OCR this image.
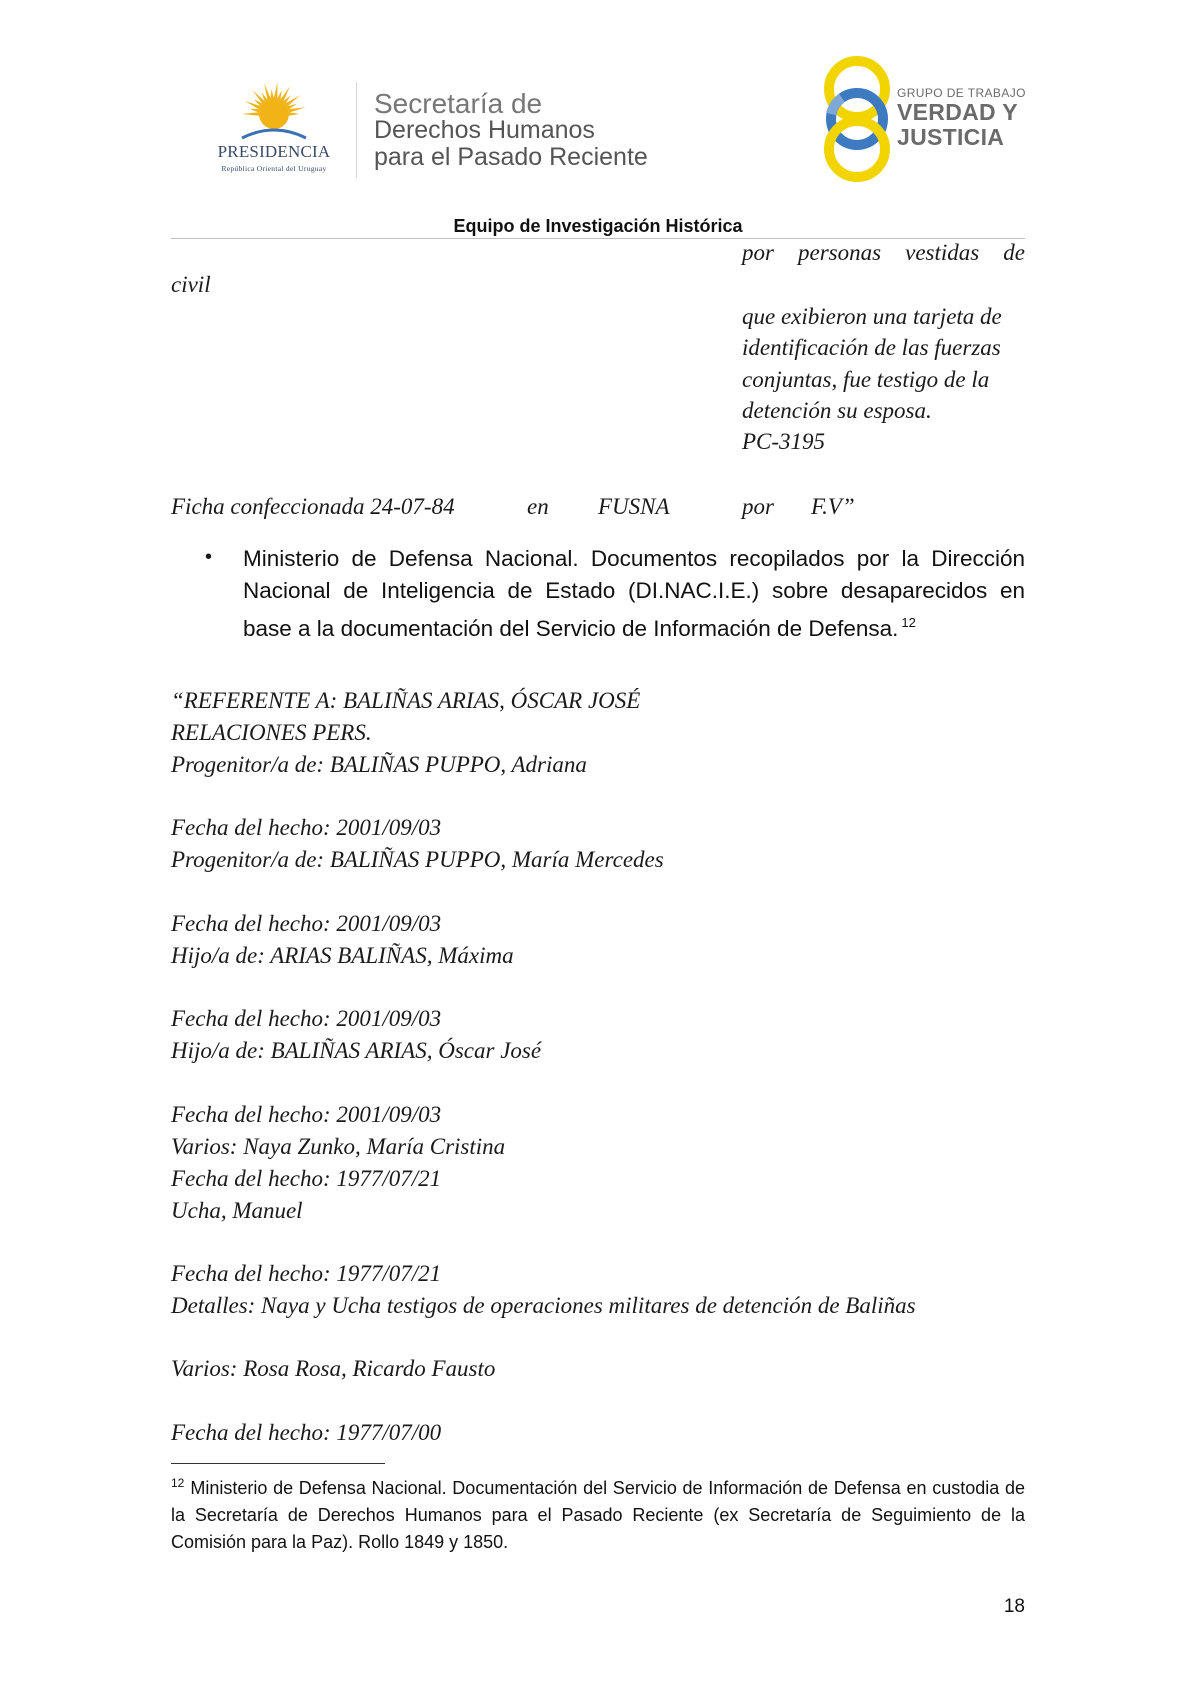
PRESIDENCIA
República Oriental del Uruguay
Secretaría de
Derechos Humanos
para el Pasado Reciente
GRUPO DE TRABAJO
VERDAD Y
JUSTICIA
Equipo de Investigación Histórica
por personas vestidas de
civil
que exibieron una tarjeta de
identificación de las fuerzas
conjuntas, fue testigo de la
detención su esposa.
PC-3195
Ficha confeccionada 24-07-84	en FUSNA	por F.V”
• Ministerio de Defensa Nacional. Documentos recopilados por la Dirección Nacional de Inteligencia de Estado (DI.NAC.I.E.) sobre desaparecidos en base a la documentación del Servicio de Información de Defensa. $^{12}$
“REFERENTE A: BALIÑAS ARIAS, ÓSCAR JOSÉ
RELACIONES PERS.
Progenitor/a de: BALIÑAS PUPPO, Adriana
Fecha del hecho: 2001/09/03
Progenitor/a de: BALIÑAS PUPPO, María Mercedes
Fecha del hecho: 2001/09/03
Hijo/a de: ARIAS BALIÑAS, Máxima
Fecha del hecho: 2001/09/03
Hijo/a de: BALIÑAS ARIAS, Óscar José
Fecha del hecho: 2001/09/03
Varios: Naya Zunko, María Cristina
Fecha del hecho: 1977/07/21
Ucha, Manuel
Fecha del hecho: 1977/07/21
Detalles: Naya y Ucha testigos de operaciones militares de detención de Baliñas
Varios: Rosa Rosa, Ricardo Fausto
Fecha del hecho: 1977/07/00
$^{12}$ Ministerio de Defensa Nacional. Documentación del Servicio de Información de Defensa en custodia de la Secretaría de Derechos Humanos para el Pasado Reciente (ex Secretaría de Seguimiento de la Comisión para la Paz). Rollo 1849 y 1850.
18
